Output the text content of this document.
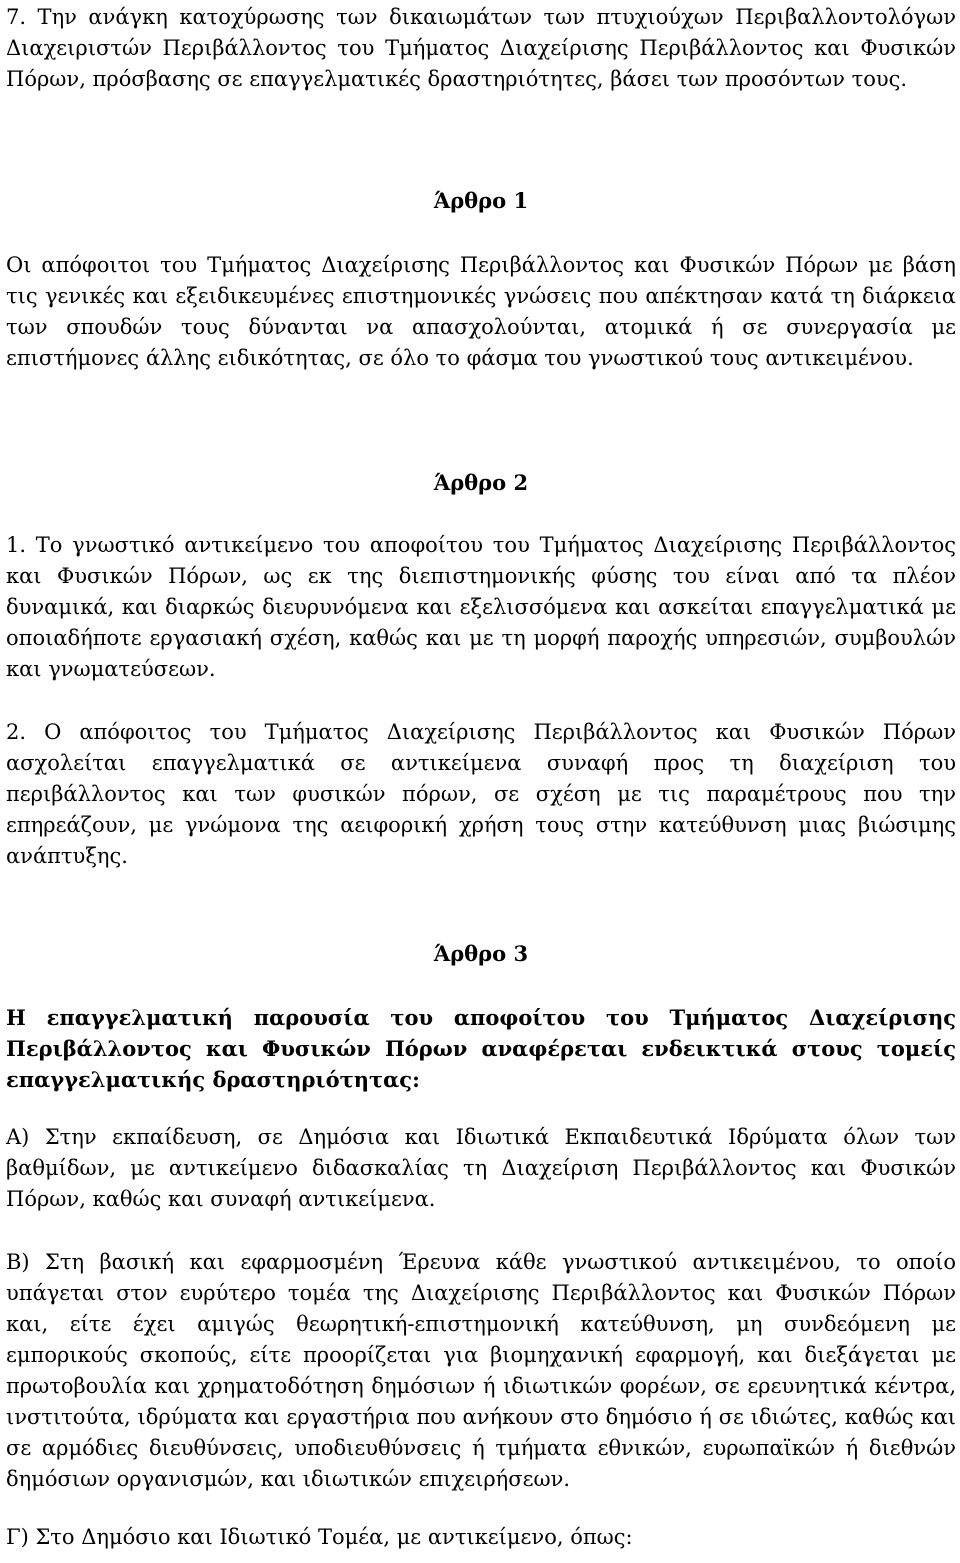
7. Την ανάγκη κατοχύρωσης των δικαιωμάτων των πτυχιούχων Περιβαλλοντολόγων Διαχειριστών Περιβάλλοντος του Τμήματος Διαχείρισης Περιβάλλοντος και Φυσικών Πόρων, πρόσβασης σε επαγγελματικές δραστηριότητες, βάσει των προσόντων τους.

Άρθρο 1

Οι απόφοιτοι του Τμήματος Διαχείρισης Περιβάλλοντος και Φυσικών Πόρων με βάση τις γενικές και εξειδικευμένες επιστημονικές γνώσεις που απέκτησαν κατά τη διάρκεια των σπουδών τους δύνανται να απασχολούνται, ατομικά ή σε συνεργασία με επιστήμονες άλλης ειδικότητας, σε όλο το φάσμα του γνωστικού τους αντικειμένου.

Άρθρο 2

1. Το γνωστικό αντικείμενο του αποφοίτου του Τμήματος Διαχείρισης Περιβάλλοντος και Φυσικών Πόρων, ως εκ της διεπιστημονικής φύσης του είναι από τα πλέον δυναμικά, και διαρκώς διευρυνόμενα και εξελισσόμενα και ασκείται επαγγελματικά με οποιαδήποτε εργασιακή σχέση, καθώς και με τη μορφή παροχής υπηρεσιών, συμβουλών και γνωματεύσεων.

2. Ο απόφοιτος του Τμήματος Διαχείρισης Περιβάλλοντος και Φυσικών Πόρων ασχολείται επαγγελματικά σε αντικείμενα συναφή προς τη διαχείριση του περιβάλλοντος και των φυσικών πόρων, σε σχέση με τις παραμέτρους που την επηρεάζουν, με γνώμονα της αειφορική χρήση τους στην κατεύθυνση μιας βιώσιμης ανάπτυξης.

Άρθρο 3

Η επαγγελματική παρουσία του αποφοίτου του Τμήματος Διαχείρισης Περιβάλλοντος και Φυσικών Πόρων αναφέρεται ενδεικτικά στους τομείς επαγγελματικής δραστηριότητας:

Α) Στην εκπαίδευση, σε Δημόσια και Ιδιωτικά Εκπαιδευτικά Ιδρύματα όλων των βαθμίδων, με αντικείμενο διδασκαλίας τη Διαχείριση Περιβάλλοντος και Φυσικών Πόρων, καθώς και συναφή αντικείμενα.

Β) Στη βασική και εφαρμοσμένη Έρευνα κάθε γνωστικού αντικειμένου, το οποίο υπάγεται στον ευρύτερο τομέα της Διαχείρισης Περιβάλλοντος και Φυσικών Πόρων και, είτε έχει αμιγώς θεωρητική-επιστημονική κατεύθυνση, μη συνδεόμενη με εμπορικούς σκοπούς, είτε προορίζεται για βιομηχανική εφαρμογή, και διεξάγεται με πρωτοβουλία και χρηματοδότηση δημόσιων ή ιδιωτικών φορέων, σε ερευνητικά κέντρα, ινστιτούτα, ιδρύματα και εργαστήρια που ανήκουν στο δημόσιο ή σε ιδιώτες, καθώς και σε αρμόδιες διευθύνσεις, υποδιευθύνσεις ή τμήματα εθνικών, ευρωπαϊκών ή διεθνών δημόσιων οργανισμών, και ιδιωτικών επιχειρήσεων.

Γ) Στο Δημόσιο και Ιδιωτικό Τομέα, με αντικείμενο, όπως:
